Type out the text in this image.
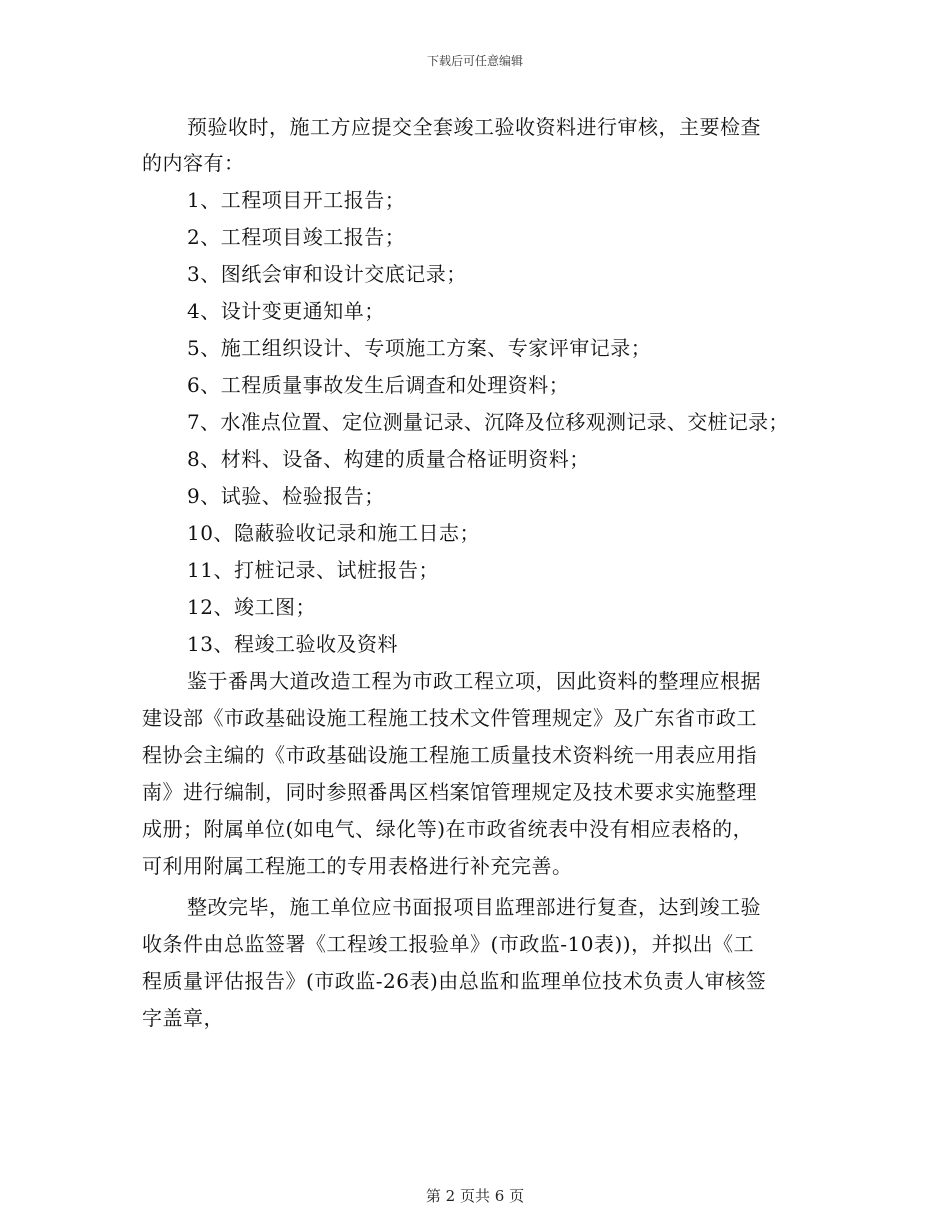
下载后可任意编辑
预验收时，施工方应提交全套竣工验收资料进行审核，主要检查
的内容有：
1、工程项目开工报告；
2、工程项目竣工报告；
3、图纸会审和设计交底记录；
4、设计变更通知单；
5、施工组织设计、专项施工方案、专家评审记录；
6、工程质量事故发生后调查和处理资料；
7、水准点位置、定位测量记录、沉降及位移观测记录、交桩记录；
8、材料、设备、构建的质量合格证明资料；
9、试验、检验报告；
10、隐蔽验收记录和施工日志；
11、打桩记录、试桩报告；
12、竣工图；
13、程竣工验收及资料
鉴于番禺大道改造工程为市政工程立项，因此资料的整理应根据
建设部《市政基础设施工程施工技术文件管理规定》及广东省市政工
程协会主编的《市政基础设施工程施工质量技术资料统一用表应用指
南》进行编制，同时参照番禺区档案馆管理规定及技术要求实施整理
成册；附属单位(如电气、绿化等)在市政省统表中没有相应表格的，
可利用附属工程施工的专用表格进行补充完善。
整改完毕，施工单位应书面报项目监理部进行复查，达到竣工验
收条件由总监签署《工程竣工报验单》(市政监-10表))，并拟出《工
程质量评估报告》(市政监-26表)由总监和监理单位技术负责人审核签
字盖章，
第 2 页共 6 页
